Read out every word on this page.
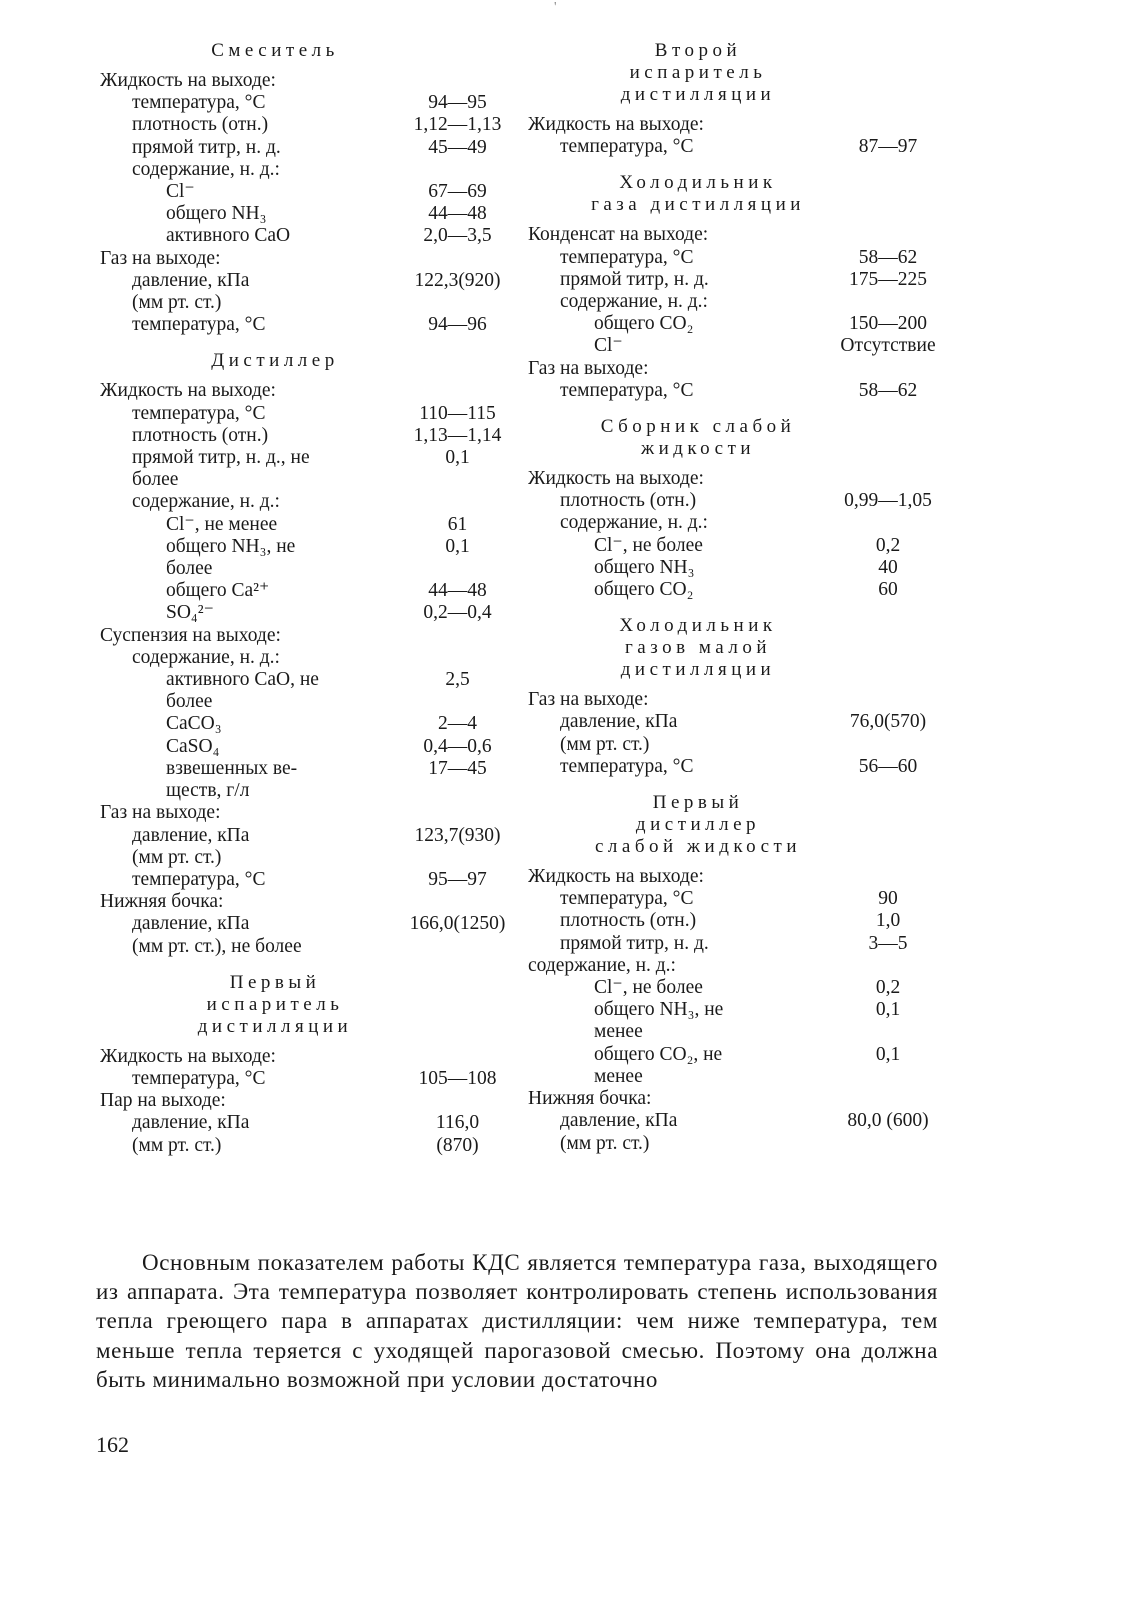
'
Смеситель
Жидкость на выходе:
температура, °С	94—95
плотность (отн.)	1,12—1,13
прямой титр, н. д.	45—49
содержание, н. д.:
Cl⁻	67—69
общего NH₃	44—48
активного CaO	2,0—3,5
Газ на выходе:
давление, кПа	122,3(920)
(мм рт. ст.)
температура, °С	94—96
Дистиллер
Жидкость на выходе:
температура, °С	110—115
плотность (отн.)	1,13—1,14
прямой титр, н. д., не	0,1
более
содержание, н. д.:
Cl⁻, не менее	61
общего NH₃, не	0,1
более
общего Ca²⁺	44—48
SO₄²⁻	0,2—0,4
Суспензия на выходе:
содержание, н. д.:
активного CaO, не	2,5
более
CaCO₃	2—4
CaSO₄	0,4—0,6
взвешенных ве-	17—45
ществ, г/л
Газ на выходе:
давление, кПа	123,7(930)
(мм рт. ст.)
температура, °С	95—97
Нижняя бочка:
давление, кПа	166,0(1250)
(мм рт. ст.), не более
Первый
испаритель
дистилляции
Жидкость на выходе:
температура, °С	105—108
Пар на выходе:
давление, кПа	116,0
(мм рт. ст.)	(870)
Второй
испаритель
дистилляции
Жидкость на выходе:
температура, °С	87—97
Холодильник
газа дистилляции
Конденсат на выходе:
температура, °С	58—62
прямой титр, н. д.	175—225
содержание, н. д.:
общего CO₂	150—200
Cl⁻	Отсутствие
Газ на выходе:
температура, °С	58—62
Сборник слабой
жидкости
Жидкость на выходе:
плотность (отн.)	0,99—1,05
содержание, н. д.:
Cl⁻, не более	0,2
общего NH₃	40
общего CO₂	60
Холодильник
газов малой
дистилляции
Газ на выходе:
давление, кПа	76,0(570)
(мм рт. ст.)
температура, °С	56—60
Первый
дистиллер
слабой жидкости
Жидкость на выходе:
температура, °С	90
плотность (отн.)	1,0
прямой титр, н. д.	3—5
содержание, н. д.:
Cl⁻, не более	0,2
общего NH₃, не	0,1
менее
общего CO₂, не	0,1
менее
Нижняя бочка:
давление, кПа	80,0 (600)
(мм рт. ст.)
Основным показателем работы КДС является температура газа, выходящего из аппарата. Эта температура позволяет контролировать степень использования тепла греющего пара в аппаратах дистилляции: чем ниже температура, тем меньше тепла теряется с уходящей парогазовой смесью. Поэтому она должна быть минимально возможной при условии достаточно
162
